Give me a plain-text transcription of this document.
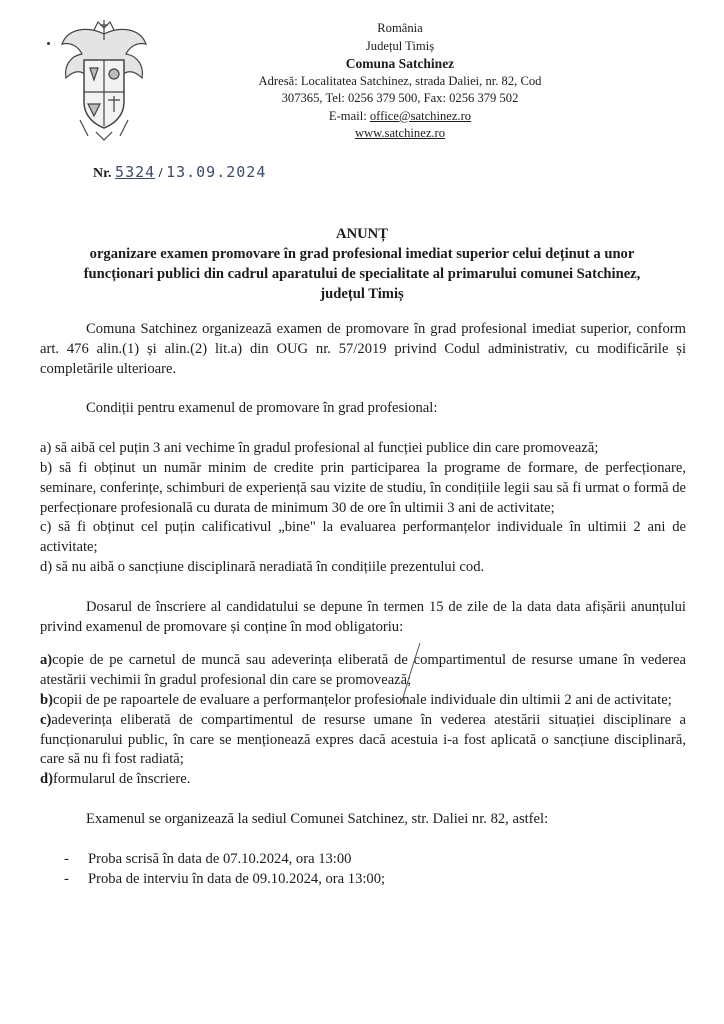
România
Județul Timiș
Comuna Satchinez
Adresă: Localitatea Satchinez, strada Daliei, nr. 82, Cod
307365, Tel: 0256 379 500, Fax: 0256 379 502
E-mail: office@satchinez.ro
www.satchinez.ro
Nr. 5324 / 13.09.2024
ANUNȚ
organizare examen promovare în grad profesional imediat superior celui deținut a unor funcționari publici din cadrul aparatului de specialitate al primarului comunei Satchinez, județul Timiș

Comuna Satchinez organizează examen de promovare în grad profesional imediat superior, conform art. 476 alin.(1) și alin.(2) lit.a) din OUG nr. 57/2019 privind Codul administrativ, cu modificările și completările ulterioare.

Condiții pentru examenul de promovare în grad profesional:

a) să aibă cel puțin 3 ani vechime în gradul profesional al funcției publice din care promovează;

b) să fi obținut un număr minim de credite prin participarea la programe de formare, de perfecționare, seminare, conferințe, schimburi de experiență sau vizite de studiu, în condițiile legii sau să fi urmat o formă de perfecționare profesională cu durata de minimum 30 de ore în ultimii 3 ani de activitate;

c) să fi obținut cel puțin calificativul „bine" la evaluarea performanțelor individuale în ultimii 2 ani de activitate;

d) să nu aibă o sancțiune disciplinară neradiată în condițiile prezentului cod.

Dosarul de înscriere al candidatului se depune în termen 15 de zile de la data data afișării anunțului privind examenul de promovare și conține în mod obligatoriu:

a)copie de pe carnetul de muncă sau adeverința eliberată de compartimentul de resurse umane în vederea atestării vechimii în gradul profesional din care se promovează;

b)copii de pe rapoartele de evaluare a performanțelor profesionale individuale din ultimii 2 ani de activitate;

c)adeverința eliberată de compartimentul de resurse umane în vederea atestării situației disciplinare a funcționarului public, în care se menționează expres dacă acestuia i-a fost aplicată o sancțiune disciplinară, care să nu fi fost radiată;

d)formularul de înscriere.

Examenul se organizează la sediul Comunei Satchinez, str. Daliei nr. 82, astfel:

- Proba scrisă în data de 07.10.2024, ora 13:00

- Proba de interviu în data de 09.10.2024, ora 13:00;
